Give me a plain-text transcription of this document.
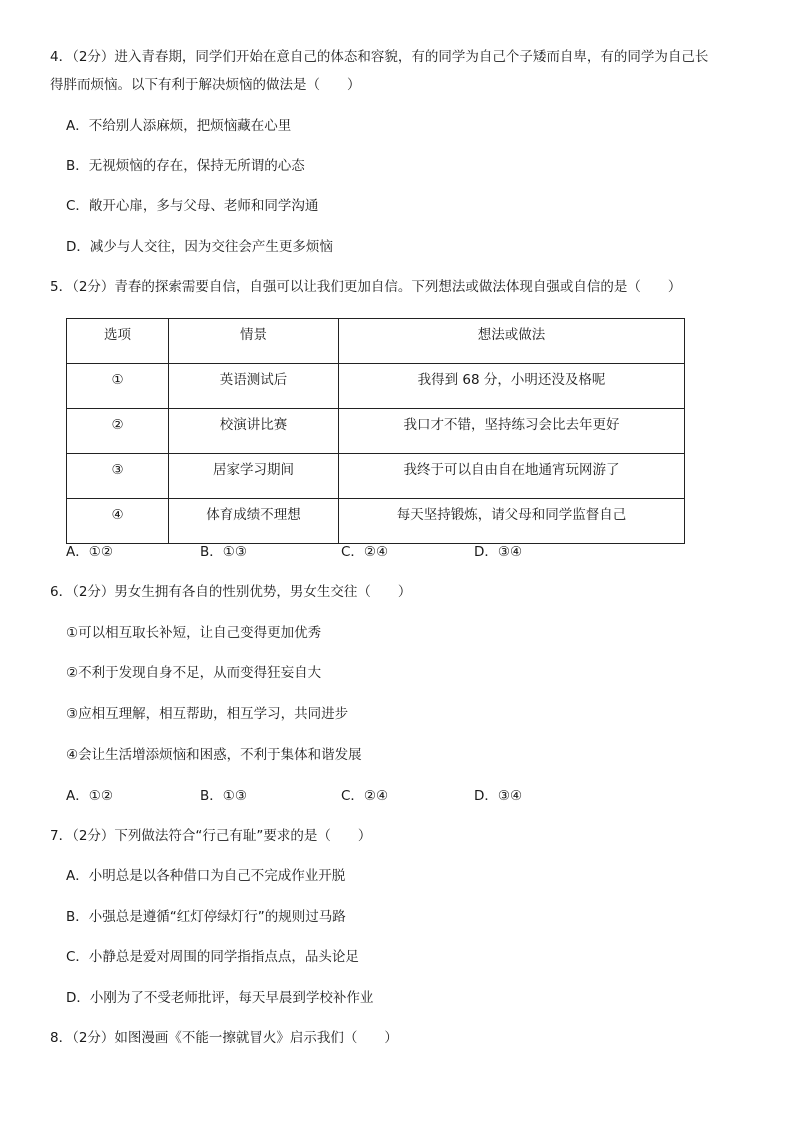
4．（2分）进入青春期，同学们开始在意自己的体态和容貌，有的同学为自己个子矮而自卑，有的同学为自己长
得胖而烦恼。以下有利于解决烦恼的做法是（　　）
A．不给别人添麻烦，把烦恼藏在心里
B．无视烦恼的存在，保持无所谓的心态
C．敞开心扉，多与父母、老师和同学沟通
D．减少与人交往，因为交往会产生更多烦恼
5．（2分）青春的探索需要自信，自强可以让我们更加自信。下列想法或做法体现自强或自信的是（　　）
选项	情景	想法或做法
①	英语测试后	我得到 68 分，小明还没及格呢
②	校演讲比赛	我口才不错，坚持练习会比去年更好
③	居家学习期间	我终于可以自由自在地通宵玩网游了
④	体育成绩不理想	每天坚持锻炼，请父母和同学监督自己
A．①②	B．①③	C．②④	D．③④
6．（2分）男女生拥有各自的性别优势，男女生交往（　　）
①可以相互取长补短，让自己变得更加优秀
②不利于发现自身不足，从而变得狂妄自大
③应相互理解，相互帮助，相互学习，共同进步
④会让生活增添烦恼和困惑，不利于集体和谐发展
A．①②	B．①③	C．②④	D．③④
7．（2分）下列做法符合“行己有耻”要求的是（　　）
A．小明总是以各种借口为自己不完成作业开脱
B．小强总是遵循“红灯停绿灯行”的规则过马路
C．小静总是爱对周围的同学指指点点，品头论足
D．小刚为了不受老师批评，每天早晨到学校补作业
8．（2分）如图漫画《不能一擦就冒火》启示我们（　　）
